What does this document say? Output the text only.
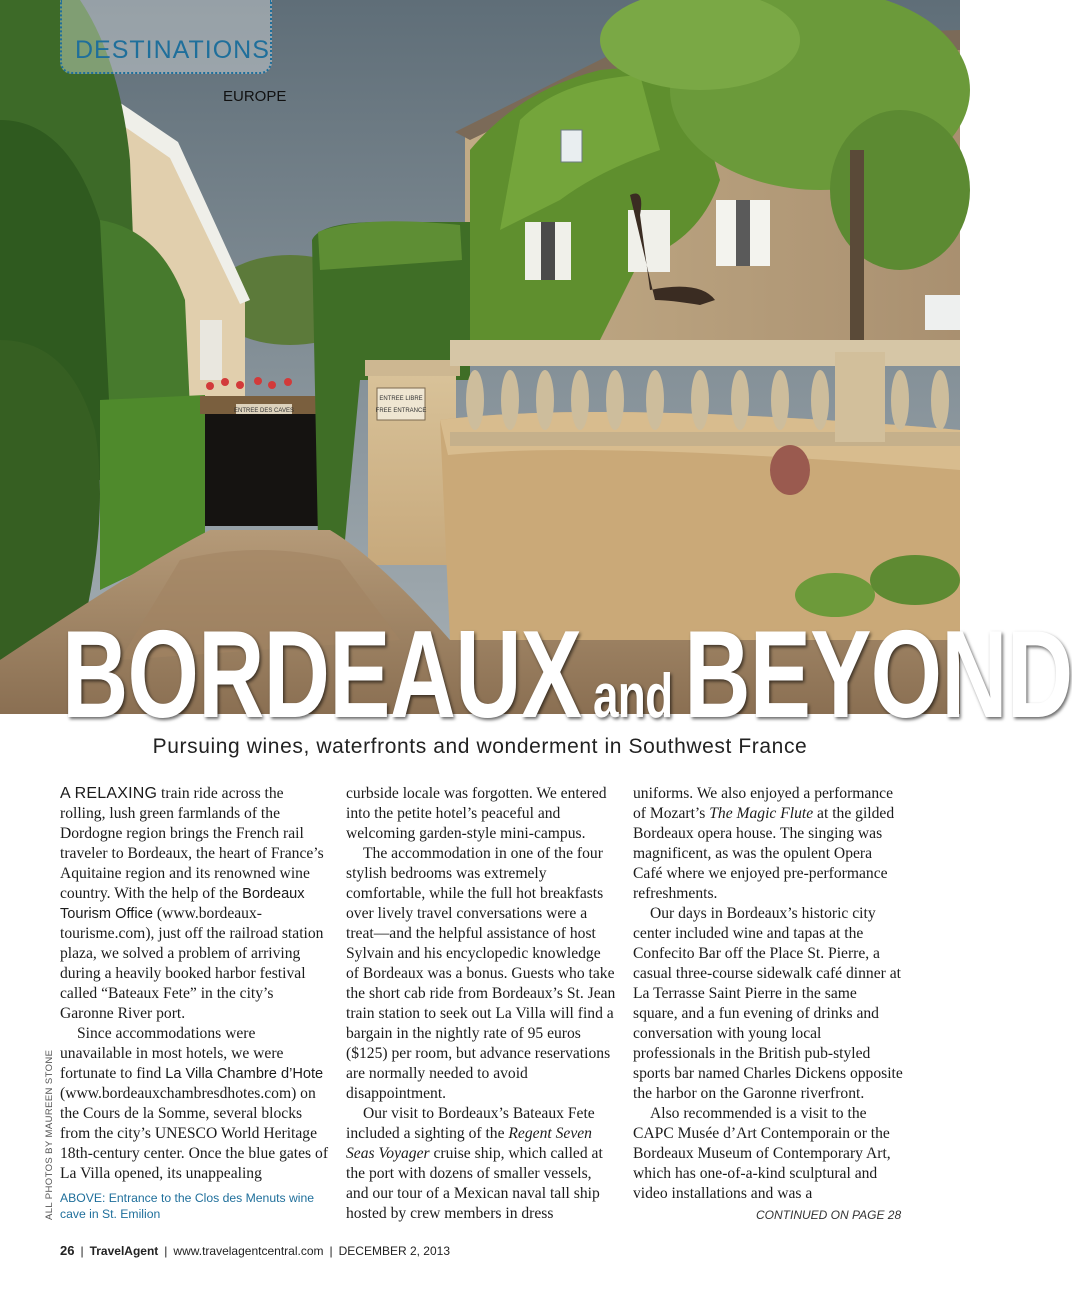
ENTREE DES CAVES
ENTREE LIBRE
FREE ENTRANCE
DESTINATIONS
EUROPE
BORDEAUX andBEYOND
Pursuing wines, waterfronts and wonderment in Southwest France

A RELAXING train ride across the rolling, lush green farmlands of the Dordogne region brings the French rail traveler to Bordeaux, the heart of France’s Aquitaine region and its renowned wine country. With the help of the Bordeaux Tourism Office (www.bordeaux-tourisme.com), just off the railroad station plaza, we solved a problem of arriving during a heavily booked harbor festival called “Bateaux Fete” in the city’s Garonne River port.

Since accommodations were unavailable in most hotels, we were fortunate to find La Villa Chambre d’Hote (www.bordeauxchambresdhotes.com) on the Cours de la Somme, several blocks from the city’s UNESCO World Heritage 18th-century center. Once the blue gates of La Villa opened, its unappealing

ABOVE: Entrance to the Clos des Menuts wine cave in St. Emilion
ALL PHOTOS BY MAUREEN STONE

curbside locale was forgotten. We entered into the petite hotel’s peaceful and welcoming garden-style mini-campus.

The accommodation in one of the four stylish bedrooms was extremely comfortable, while the full hot breakfasts over lively travel conversations were a treat—and the helpful assistance of host Sylvain and his encyclopedic knowledge of Bordeaux was a bonus. Guests who take the short cab ride from Bordeaux’s St. Jean train station to seek out La Villa will find a bargain in the nightly rate of 95 euros ($125) per room, but advance reservations are normally needed to avoid disappointment.

Our visit to Bordeaux’s Bateaux Fete included a sighting of the Regent Seven Seas Voyager cruise ship, which called at the port with dozens of smaller vessels, and our tour of a Mexican naval tall ship hosted by crew members in dress

uniforms. We also enjoyed a performance of Mozart’s The Magic Flute at the gilded Bordeaux opera house. The singing was magnificent, as was the opulent Opera Café where we enjoyed pre-performance refreshments.

Our days in Bordeaux’s historic city center included wine and tapas at the Confecito Bar off the Place St. Pierre, a casual three-course sidewalk café dinner at La Terrasse Saint Pierre in the same square, and a fun evening of drinks and conversation with young local professionals in the British pub-styled sports bar named Charles Dickens opposite the harbor on the Garonne riverfront.

Also recommended is a visit to the CAPC Musée d’Art Contemporain or the Bordeaux Museum of Contemporary Art, which has one-of-a-kind sculptural and video installations and was a

CONTINUED ON PAGE 28
26 | TravelAgent | www.travelagentcentral.com | DECEMBER 2, 2013
